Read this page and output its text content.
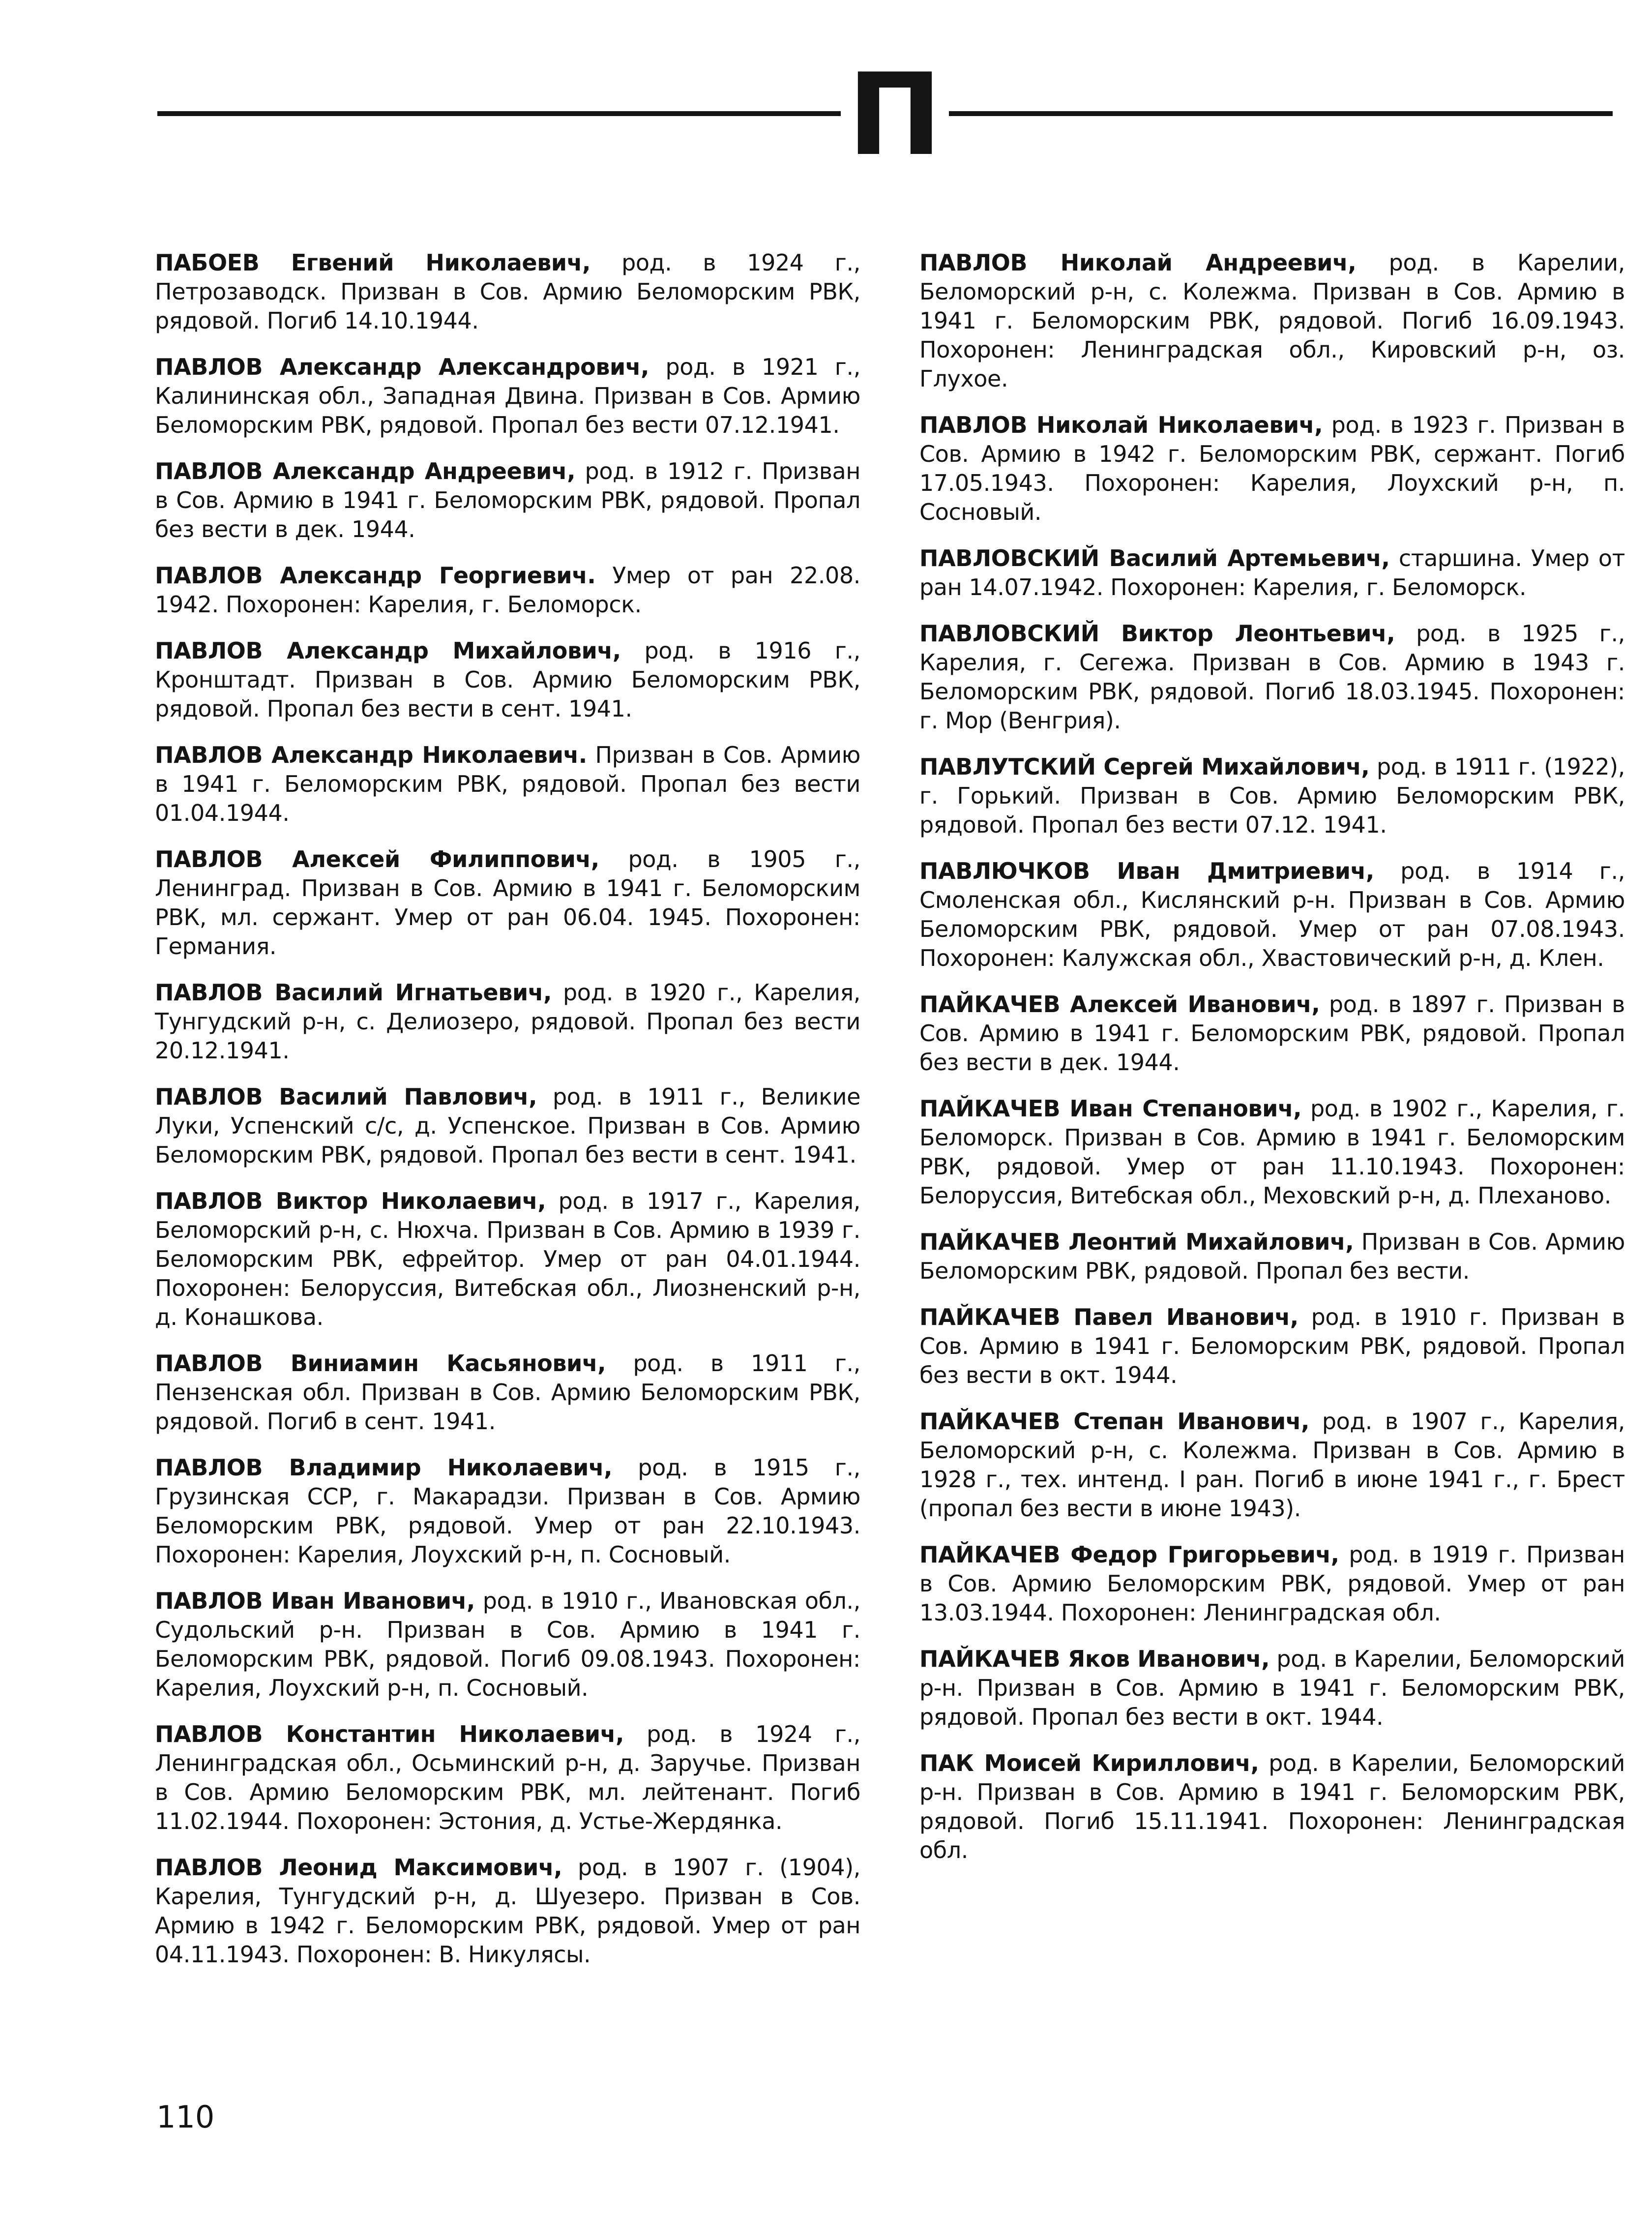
П

ПАБОЕВ Егвений Николаевич, род. в 1924 г., Петрозаводск. Призван в Сов. Армию Беломорским РВК, рядовой. Погиб 14.10.1944.

ПАВЛОВ Александр Александрович, род. в 1921 г., Калининская обл., Западная Двина. Призван в Сов. Армию Беломорским РВК, рядовой. Пропал без вести 07.12.1941.

ПАВЛОВ Александр Андреевич, род. в 1912 г. Призван в Сов. Армию в 1941 г. Беломорским РВК, рядовой. Пропал без вести в дек. 1944.

ПАВЛОВ Александр Георгиевич. Умер от ран 22.08. 1942. Похоронен: Карелия, г. Беломорск.

ПАВЛОВ Александр Михайлович, род. в 1916 г., Кронштадт. Призван в Сов. Армию Беломорским РВК, рядовой. Пропал без вести в сент. 1941.

ПАВЛОВ Александр Николаевич. Призван в Сов. Армию в 1941 г. Беломорским РВК, рядовой. Пропал без вести 01.04.1944.

ПАВЛОВ Алексей Филиппович, род. в 1905 г., Ленинград. Призван в Сов. Армию в 1941 г. Беломорским РВК, мл. сержант. Умер от ран 06.04. 1945. Похоронен: Германия.

ПАВЛОВ Василий Игнатьевич, род. в 1920 г., Карелия, Тунгудский р-н, с. Делиозеро, рядовой. Пропал без вести 20.12.1941.

ПАВЛОВ Василий Павлович, род. в 1911 г., Великие Луки, Успенский с/с, д. Успенское. Призван в Сов. Армию Беломорским РВК, рядовой. Пропал без вести в сент. 1941.

ПАВЛОВ Виктор Николаевич, род. в 1917 г., Карелия, Беломорский р-н, с. Нюхча. Призван в Сов. Армию в 1939 г. Беломорским РВК, ефрейтор. Умер от ран 04.01.1944. Похоронен: Белоруссия, Витебская обл., Лиозненский р-н, д. Конашкова.

ПАВЛОВ Виниамин Касьянович, род. в 1911 г., Пензенская обл. Призван в Сов. Армию Беломорским РВК, рядовой. Погиб в сент. 1941.

ПАВЛОВ Владимир Николаевич, род. в 1915 г., Грузинская ССР, г. Макарадзи. Призван в Сов. Армию Беломорским РВК, рядовой. Умер от ран 22.10.1943. Похоронен: Карелия, Лоухский р-н, п. Сосновый.

ПАВЛОВ Иван Иванович, род. в 1910 г., Ивановская обл., Судольский р-н. Призван в Сов. Армию в 1941 г. Беломорским РВК, рядовой. Погиб 09.08.1943. Похоронен: Карелия, Лоухский р-н, п. Сосновый.

ПАВЛОВ Константин Николаевич, род. в 1924 г., Ленинградская обл., Осьминский р-н, д. Заручье. Призван в Сов. Армию Беломорским РВК, мл. лейтенант. Погиб 11.02.1944. Похоронен: Эстония, д. Устье-Жердянка.

ПАВЛОВ Леонид Максимович, род. в 1907 г. (1904), Карелия, Тунгудский р-н, д. Шуезеро. Призван в Сов. Армию в 1942 г. Беломорским РВК, рядовой. Умер от ран 04.11.1943. Похоронен: В. Никулясы.

ПАВЛОВ Николай Андреевич, род. в Карелии, Беломорский р-н, с. Колежма. Призван в Сов. Армию в 1941 г. Беломорским РВК, рядовой. Погиб 16.09.1943. Похоронен: Ленинградская обл., Кировский р-н, оз. Глухое.

ПАВЛОВ Николай Николаевич, род. в 1923 г. Призван в Сов. Армию в 1942 г. Беломорским РВК, сержант. Погиб 17.05.1943. Похоронен: Карелия, Лоухский р-н, п. Сосновый.

ПАВЛОВСКИЙ Василий Артемьевич, старшина. Умер от ран 14.07.1942. Похоронен: Карелия, г. Беломорск.

ПАВЛОВСКИЙ Виктор Леонтьевич, род. в 1925 г., Карелия, г. Сегежа. Призван в Сов. Армию в 1943 г. Беломорским РВК, рядовой. Погиб 18.03.1945. Похоронен: г. Мор (Венгрия).

ПАВЛУТСКИЙ Сергей Михайлович, род. в 1911 г. (1922), г. Горький. Призван в Сов. Армию Беломорским РВК, рядовой. Пропал без вести 07.12. 1941.

ПАВЛЮЧКОВ Иван Дмитриевич, род. в 1914 г., Смоленская обл., Кислянский р-н. Призван в Сов. Армию Беломорским РВК, рядовой. Умер от ран 07.08.1943. Похоронен: Калужская обл., Хвастовический р-н, д. Клен.

ПАЙКАЧЕВ Алексей Иванович, род. в 1897 г. Призван в Сов. Армию в 1941 г. Беломорским РВК, рядовой. Пропал без вести в дек. 1944.

ПАЙКАЧЕВ Иван Степанович, род. в 1902 г., Карелия, г. Беломорск. Призван в Сов. Армию в 1941 г. Беломорским РВК, рядовой. Умер от ран 11.10.1943. Похоронен: Белоруссия, Витебская обл., Меховский р-н, д. Плеханово.

ПАЙКАЧЕВ Леонтий Михайлович, Призван в Сов. Армию Беломорским РВК, рядовой. Пропал без вести.

ПАЙКАЧЕВ Павел Иванович, род. в 1910 г. Призван в Сов. Армию в 1941 г. Беломорским РВК, рядовой. Пропал без вести в окт. 1944.

ПАЙКАЧЕВ Степан Иванович, род. в 1907 г., Карелия, Беломорский р-н, с. Колежма. Призван в Сов. Армию в 1928 г., тех. интенд. I ран. Погиб в июне 1941 г., г. Брест (пропал без вести в июне 1943).

ПАЙКАЧЕВ Федор Григорьевич, род. в 1919 г. Призван в Сов. Армию Беломорским РВК, рядовой. Умер от ран 13.03.1944. Похоронен: Ленинградская обл.

ПАЙКАЧЕВ Яков Иванович, род. в Карелии, Беломорский р-н. Призван в Сов. Армию в 1941 г. Беломорским РВК, рядовой. Пропал без вести в окт. 1944.

ПАК Моисей Кириллович, род. в Карелии, Беломорский р-н. Призван в Сов. Армию в 1941 г. Беломорским РВК, рядовой. Погиб 15.11.1941. Похоронен: Ленинградская обл.

110
